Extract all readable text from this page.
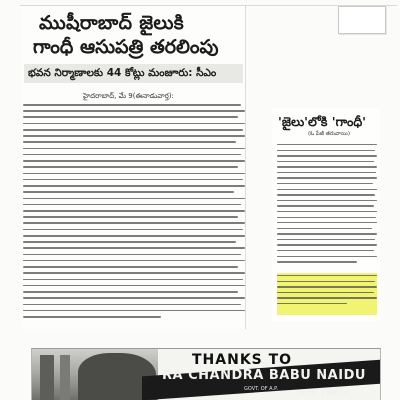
ముషీరాబాద్ జైలుకి
గాంధీ ఆసుపత్రి తరలింపు
భవన నిర్మాణాలకు 44 కోట్లు మంజూరు: సీఎం
హైదరాబాద్, మే 9(ఈనాడువార్త):
'జైలు'లోకి 'గాంధీ'
(ఓ పేజీ తరువాయి)
THANKS TO
RA CHANDRA BABU NAIDU
GOVT. OF A.P.
DENTAL & MEDICAL
